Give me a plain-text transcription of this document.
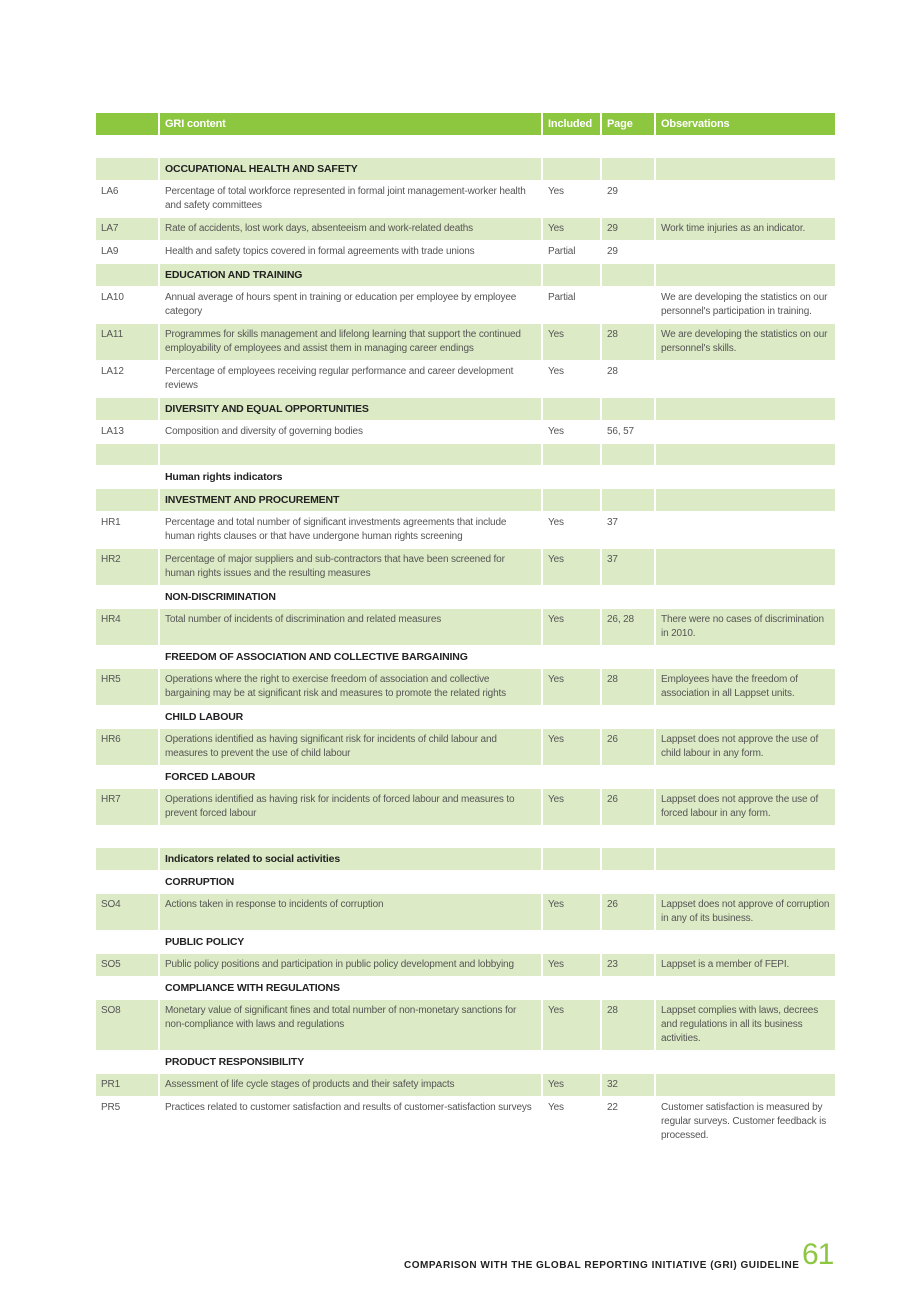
	GRI content	Included	Page	Observations

	OCCUPATIONAL HEALTH AND SAFETY			
LA6	Percentage of total workforce represented in formal joint management-worker health and safety committees	Yes	29	
LA7	Rate of accidents, lost work days, absenteeism and work-related deaths	Yes	29	Work time injuries as an indicator.
LA9	Health and safety topics covered in formal agreements with trade unions	Partial	29	
	EDUCATION AND TRAINING			
LA10	Annual average of hours spent in training or education per employee by employee category	Partial		We are developing the statistics on our personnel's participation in training.
LA11	Programmes for skills management and lifelong learning that support the continued employability of employees and assist them in managing career endings	Yes	28	We are developing the statistics on our personnel's skills.
LA12	Percentage of employees receiving regular performance and career development reviews	Yes	28	
	DIVERSITY AND EQUAL OPPORTUNITIES			
LA13	Composition and diversity of governing bodies	Yes	56, 57	

	Human rights indicators			
	INVESTMENT AND PROCUREMENT			
HR1	Percentage and total number of significant investments agreements that include human rights clauses or that have undergone human rights screening	Yes	37	
HR2	Percentage of major suppliers and sub-contractors that have been screened for human rights issues and the resulting measures	Yes	37	
	NON-DISCRIMINATION			
HR4	Total number of incidents of discrimination and related measures	Yes	26, 28	There were no cases of discrimination in 2010.
	FREEDOM OF ASSOCIATION AND COLLECTIVE BARGAINING			
HR5	Operations where the right to exercise freedom of association and collective bargaining may be at significant risk and measures to promote the related rights	Yes	28	Employees have the freedom of association in all Lappset units.
	CHILD LABOUR			
HR6	Operations identified as having significant risk for incidents of child labour and measures to prevent the use of child labour	Yes	26	Lappset does not approve the use of child labour in any form.
	FORCED LABOUR			
HR7	Operations identified as having risk for incidents of forced labour and measures to prevent forced labour	Yes	26	Lappset does not approve the use of forced labour in any form.

	Indicators related to social activities			
	CORRUPTION			
SO4	Actions taken in response to incidents of corruption	Yes	26	Lappset does not approve of corruption in any of its business.
	PUBLIC POLICY			
SO5	Public policy positions and participation in public policy development and lobbying	Yes	23	Lappset is a member of FEPI.
	COMPLIANCE WITH REGULATIONS			
SO8	Monetary value of significant fines and total number of non-monetary sanctions for non-compliance with laws and regulations	Yes	28	Lappset complies with laws, decrees and regulations in all its business activities.
	PRODUCT RESPONSIBILITY			
PR1	Assessment of life cycle stages of products and their safety impacts	Yes	32	
PR5	Practices related to customer satisfaction and results of customer-satisfaction surveys	Yes	22	Customer satisfaction is measured by regular surveys. Customer feedback is processed.
COMPARISON WITH THE GLOBAL REPORTING INITIATIVE (GRI) GUIDELINE 61
